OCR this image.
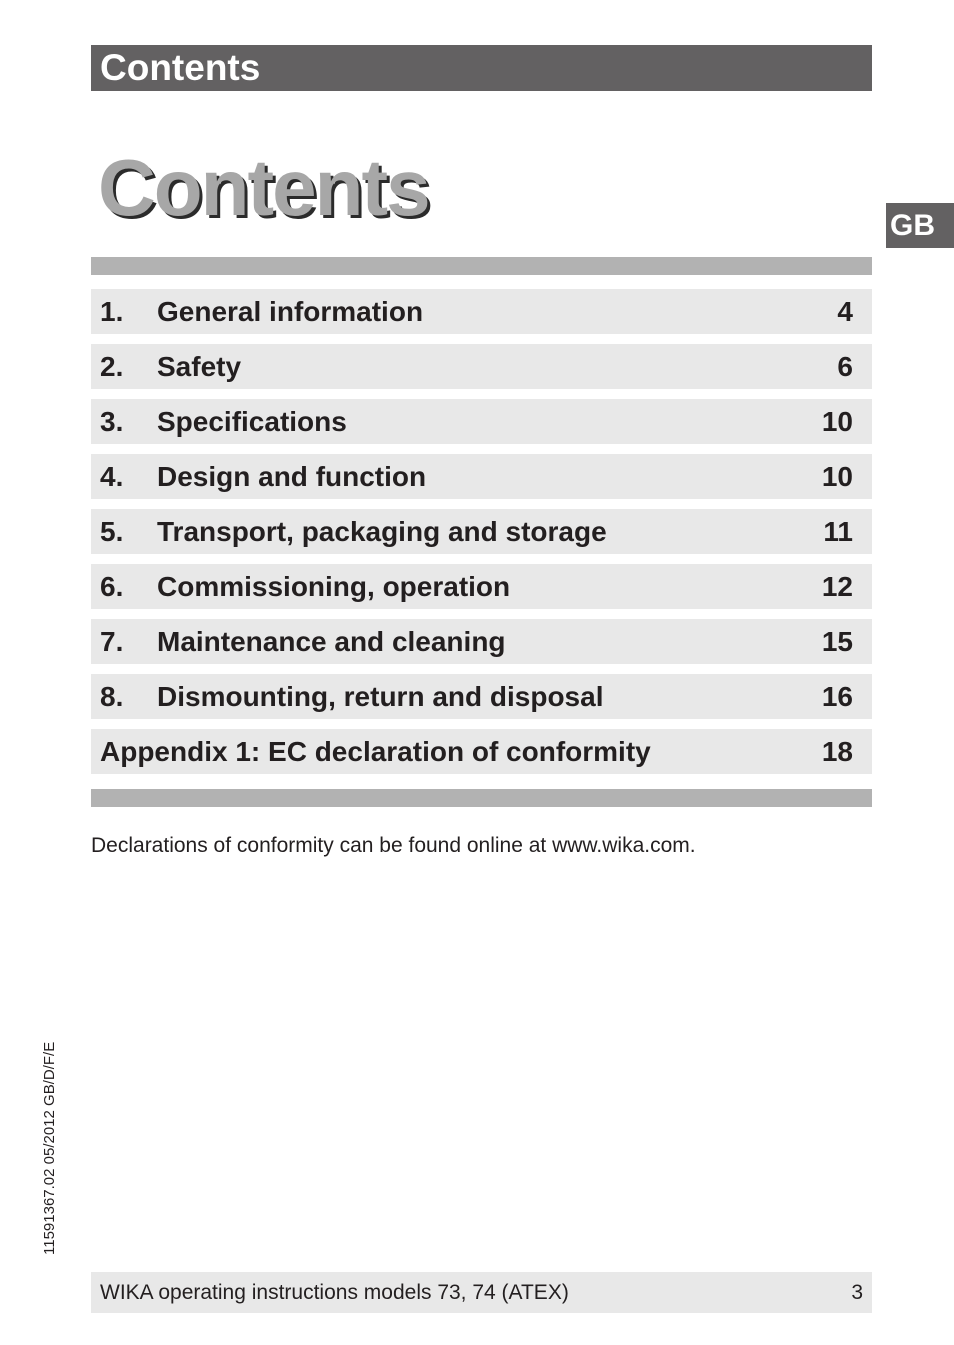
Contents
Contents	GB
1. General information	4
2. Safety	6
3. Specifications	10
4. Design and function	10
5. Transport, packaging and storage	11
6. Commissioning, operation	12
7. Maintenance and cleaning	15
8. Dismounting, return and disposal	16
Appendix 1: EC declaration of conformity	18
Declarations of conformity can be found online at www.wika.com.
11591367.02 05/2012 GB/D/F/E
WIKA operating instructions models 73, 74 (ATEX)	3
